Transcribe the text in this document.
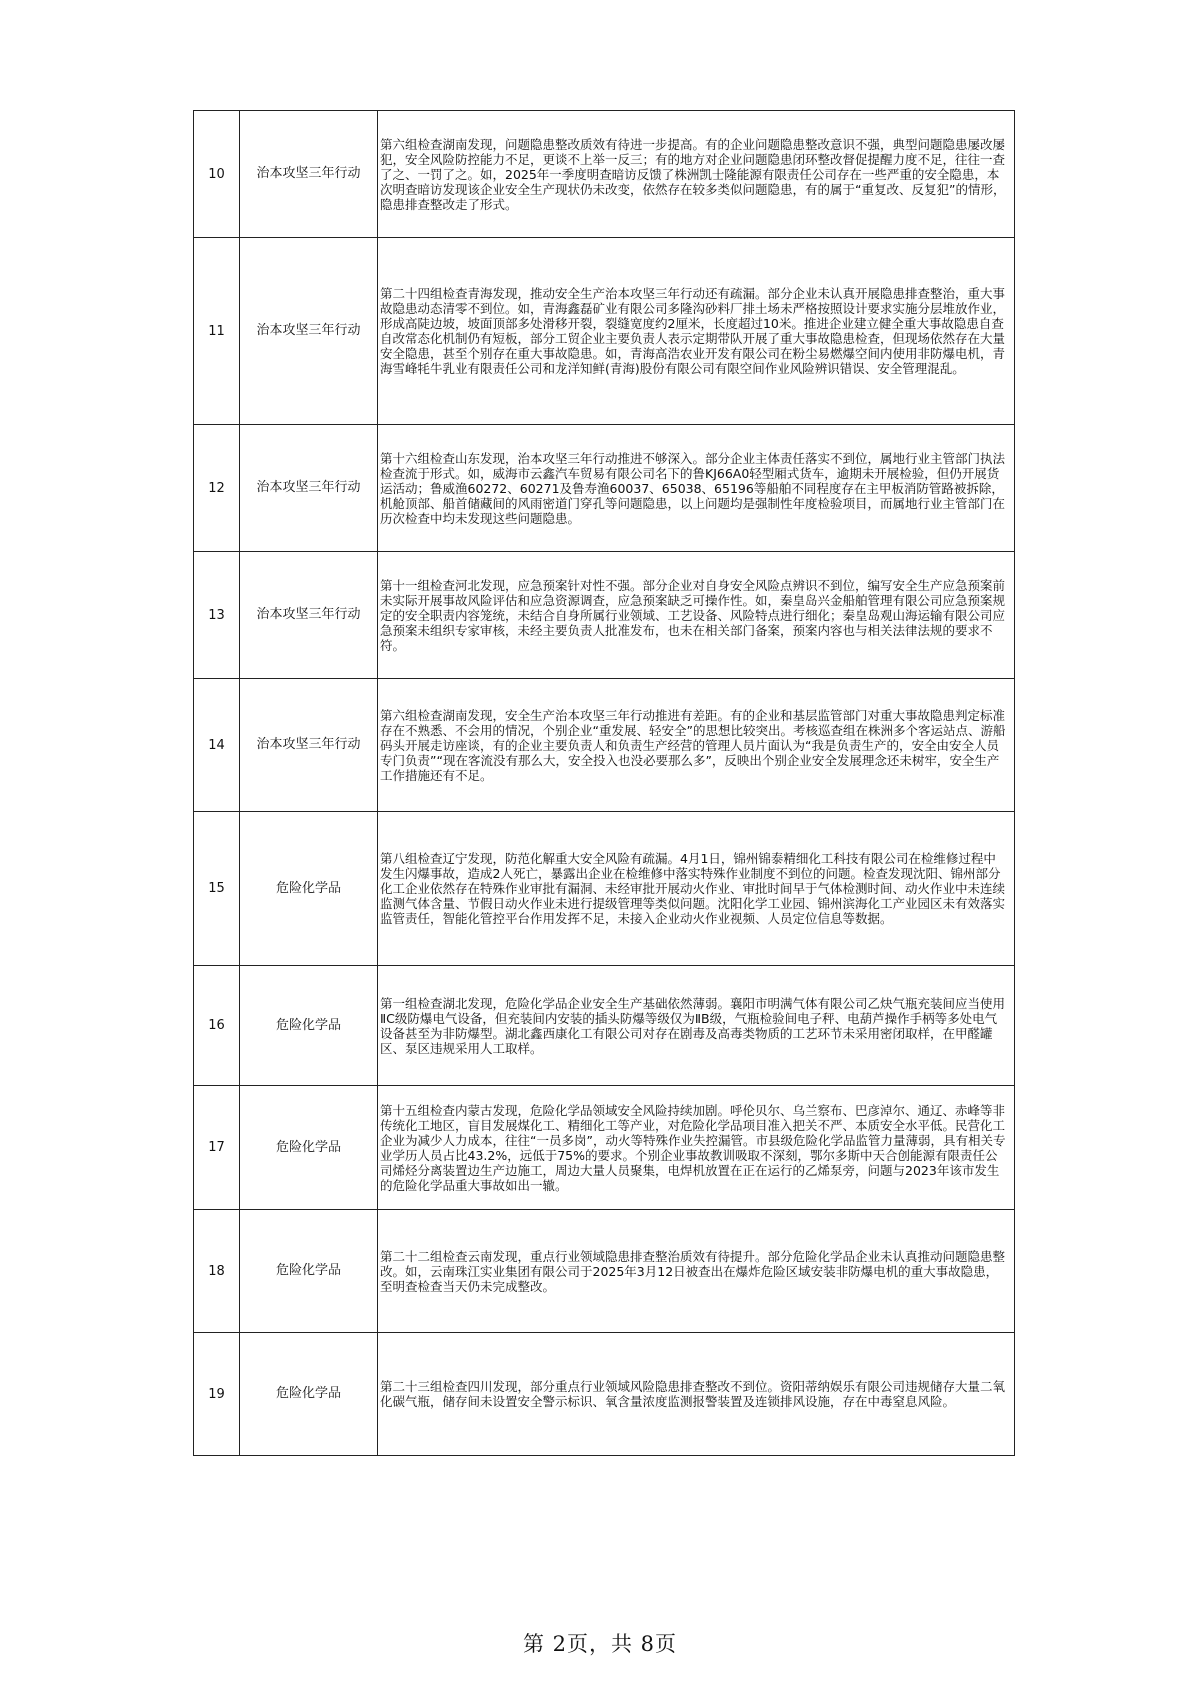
10	治本攻坚三年行动	第六组检查湖南发现，问题隐患整改质效有待进一步提高。有的企业问题隐患整改意识不强，典型问题隐患屡改屡犯，安全风险防控能力不足，更谈不上举一反三；有的地方对企业问题隐患闭环整改督促提醒力度不足，往往一查了之、一罚了之。如，2025年一季度明查暗访反馈了株洲凯士隆能源有限责任公司存在一些严重的安全隐患，本次明查暗访发现该企业安全生产现状仍未改变，依然存在较多类似问题隐患，有的属于“重复改、反复犯”的情形，隐患排查整改走了形式。
11	治本攻坚三年行动	第二十四组检查青海发现，推动安全生产治本攻坚三年行动还有疏漏。部分企业未认真开展隐患排查整治，重大事故隐患动态清零不到位。如，青海鑫磊矿业有限公司多隆沟砂料厂排土场未严格按照设计要求实施分层堆放作业，形成高陡边坡，坡面顶部多处滑移开裂，裂缝宽度约2厘米，长度超过10米。推进企业建立健全重大事故隐患自查自改常态化机制仍有短板，部分工贸企业主要负责人表示定期带队开展了重大事故隐患检查，但现场依然存在大量安全隐患，甚至个别存在重大事故隐患。如，青海高浩农业开发有限公司在粉尘易燃爆空间内使用非防爆电机，青海雪峰牦牛乳业有限责任公司和龙洋知鲜(青海)股份有限公司有限空间作业风险辨识错误、安全管理混乱。
12	治本攻坚三年行动	第十六组检查山东发现，治本攻坚三年行动推进不够深入。部分企业主体责任落实不到位，属地行业主管部门执法检查流于形式。如，威海市云鑫汽车贸易有限公司名下的鲁KJ66A0轻型厢式货车，逾期未开展检验，但仍开展货运活动；鲁威渔60272、60271及鲁寿渔60037、65038、65196等船舶不同程度存在主甲板消防管路被拆除，机舱顶部、船首储藏间的风雨密道门穿孔等问题隐患，以上问题均是强制性年度检验项目，而属地行业主管部门在历次检查中均未发现这些问题隐患。
13	治本攻坚三年行动	第十一组检查河北发现，应急预案针对性不强。部分企业对自身安全风险点辨识不到位，编写安全生产应急预案前未实际开展事故风险评估和应急资源调查，应急预案缺乏可操作性。如，秦皇岛兴金船舶管理有限公司应急预案规定的安全职责内容笼统，未结合自身所属行业领域、工艺设备、风险特点进行细化；秦皇岛观山海运输有限公司应急预案未组织专家审核，未经主要负责人批准发布，也未在相关部门备案，预案内容也与相关法律法规的要求不符。
14	治本攻坚三年行动	第六组检查湖南发现，安全生产治本攻坚三年行动推进有差距。有的企业和基层监管部门对重大事故隐患判定标准存在不熟悉、不会用的情况，个别企业“重发展、轻安全”的思想比较突出。考核巡查组在株洲多个客运站点、游船码头开展走访座谈，有的企业主要负责人和负责生产经营的管理人员片面认为“我是负责生产的，安全由安全人员专门负责”“现在客流没有那么大，安全投入也没必要那么多”，反映出个别企业安全发展理念还未树牢，安全生产工作措施还有不足。
15	危险化学品	第八组检查辽宁发现，防范化解重大安全风险有疏漏。4月1日，锦州锦泰精细化工科技有限公司在检维修过程中发生闪爆事故，造成2人死亡，暴露出企业在检维修中落实特殊作业制度不到位的问题。检查发现沈阳、锦州部分化工企业依然存在特殊作业审批有漏洞、未经审批开展动火作业、审批时间早于气体检测时间、动火作业中未连续监测气体含量、节假日动火作业未进行提级管理等类似问题。沈阳化学工业园、锦州滨海化工产业园区未有效落实监管责任，智能化管控平台作用发挥不足，未接入企业动火作业视频、人员定位信息等数据。
16	危险化学品	第一组检查湖北发现，危险化学品企业安全生产基础依然薄弱。襄阳市明满气体有限公司乙炔气瓶充装间应当使用ⅡC级防爆电气设备，但充装间内安装的插头防爆等级仅为ⅡB级，气瓶检验间电子秤、电葫芦操作手柄等多处电气设备甚至为非防爆型。湖北鑫西康化工有限公司对存在剧毒及高毒类物质的工艺环节未采用密闭取样，在甲醛罐区、泵区违规采用人工取样。
17	危险化学品	第十五组检查内蒙古发现，危险化学品领域安全风险持续加剧。呼伦贝尔、乌兰察布、巴彦淖尔、通辽、赤峰等非传统化工地区，盲目发展煤化工、精细化工等产业，对危险化学品项目准入把关不严、本质安全水平低。民营化工企业为减少人力成本，往往“一员多岗”，动火等特殊作业失控漏管。市县级危险化学品监管力量薄弱，具有相关专业学历人员占比43.2%，远低于75%的要求。个别企业事故教训吸取不深刻，鄂尔多斯中天合创能源有限责任公司烯烃分离装置边生产边施工，周边大量人员聚集，电焊机放置在正在运行的乙烯泵旁，问题与2023年该市发生的危险化学品重大事故如出一辙。
18	危险化学品	第二十二组检查云南发现，重点行业领域隐患排查整治质效有待提升。部分危险化学品企业未认真推动问题隐患整改。如，云南珠江实业集团有限公司于2025年3月12日被查出在爆炸危险区域安装非防爆电机的重大事故隐患，至明查检查当天仍未完成整改。
19	危险化学品	第二十三组检查四川发现，部分重点行业领域风险隐患排查整改不到位。资阳蒂纳娱乐有限公司违规储存大量二氧化碳气瓶，储存间未设置安全警示标识、氧含量浓度监测报警装置及连锁排风设施，存在中毒窒息风险。
第 2页，共 8页
